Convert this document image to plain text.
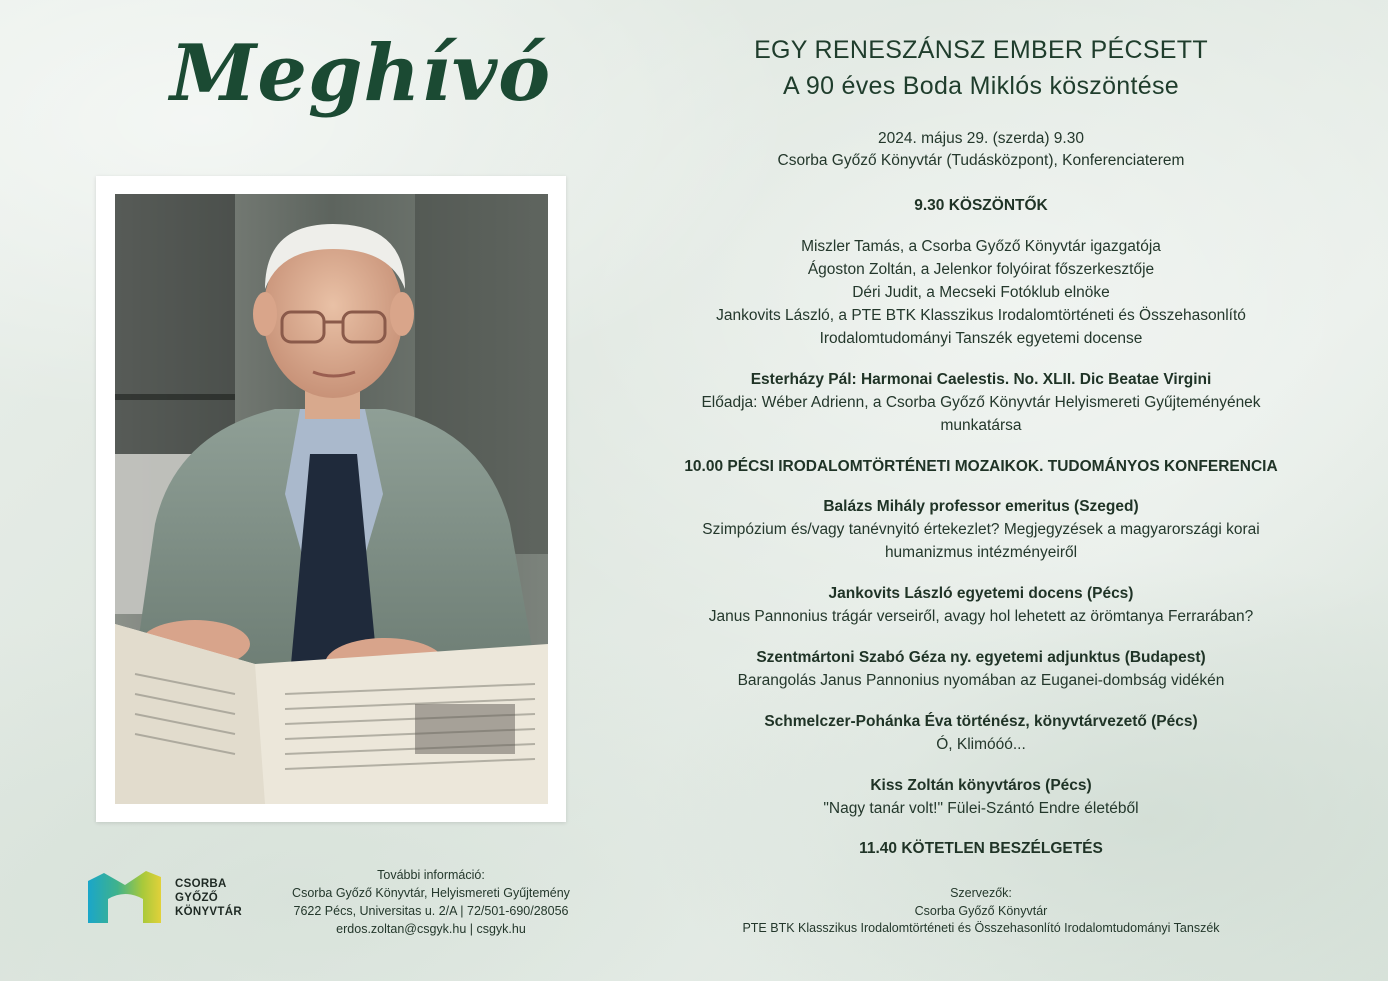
Meghívó	EGY RENESZÁNSZ EMBER PÉCSETT
A 90 éves Boda Miklós köszöntése
2024. május 29. (szerda) 9.30
Csorba Győző Könyvtár (Tudásközpont), Konferenciaterem
9.30 KÖSZÖNTŐK
Miszler Tamás, a Csorba Győző Könyvtár igazgatója
Ágoston Zoltán, a Jelenkor folyóirat főszerkesztője
Déri Judit, a Mecseki Fotóklub elnöke
Jankovits László, a PTE BTK Klasszikus Irodalomtörténeti és Összehasonlító
Irodalomtudományi Tanszék egyetemi docense
Esterházy Pál: Harmonai Caelestis. No. XLII. Dic Beatae Virgini
Előadja: Wéber Adrienn, a Csorba Győző Könyvtár Helyismereti Gyűjteményének
munkatársa
10.00 PÉCSI IRODALOMTÖRTÉNETI MOZAIKOK. TUDOMÁNYOS KONFERENCIA
Balázs Mihály professor emeritus (Szeged)
Szimpózium és/vagy tanévnyitó értekezlet? Megjegyzések a magyarországi korai
humanizmus intézményeiről
Jankovits László egyetemi docens (Pécs)
Janus Pannonius trágár verseiről, avagy hol lehetett az örömtanya Ferrarában?
Szentmártoni Szabó Géza ny. egyetemi adjunktus (Budapest)
Barangolás Janus Pannonius nyomában az Euganei-dombság vidékén
Schmelczer-Pohánka Éva történész, könyvtárvezető (Pécs)
Ó, Klimóóó...
Kiss Zoltán könyvtáros (Pécs)
"Nagy tanár volt!" Fülei-Szántó Endre életéből
11.40 KÖTETLEN BESZÉLGETÉS
Szervezők:
Csorba Győző Könyvtár
PTE BTK Klasszikus Irodalomtörténeti és Összehasonlító Irodalomtudományi Tanszék
CSORBA
GYŐZŐ
KÖNYVTÁR
További információ:
Csorba Győző Könyvtár, Helyismereti Gyűjtemény
7622 Pécs, Universitas u. 2/A | 72/501-690/28056
erdos.zoltan@csgyk.hu | csgyk.hu
